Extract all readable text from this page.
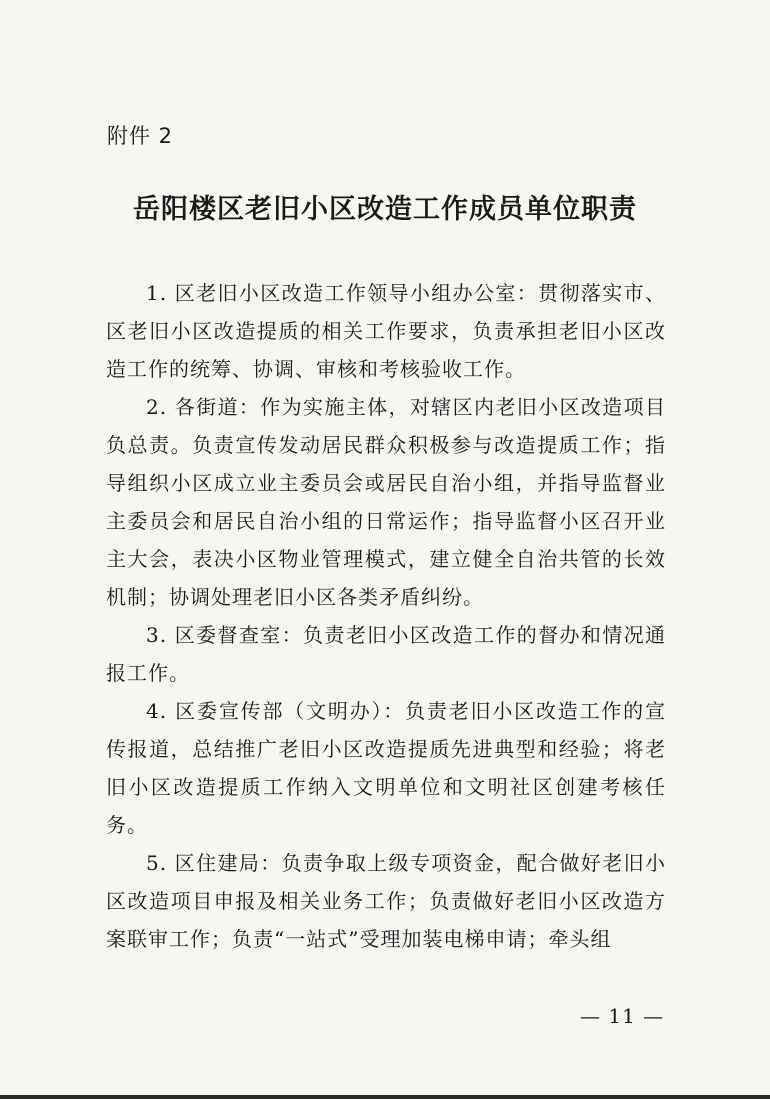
附件 2
岳阳楼区老旧小区改造工作成员单位职责

1. 区老旧小区改造工作领导小组办公室：贯彻落实市、区老旧小区改造提质的相关工作要求，负责承担老旧小区改造工作的统筹、协调、审核和考核验收工作。

2. 各街道：作为实施主体，对辖区内老旧小区改造项目负总责。负责宣传发动居民群众积极参与改造提质工作；指导组织小区成立业主委员会或居民自治小组，并指导监督业主委员会和居民自治小组的日常运作；指导监督小区召开业主大会，表决小区物业管理模式，建立健全自治共管的长效机制；协调处理老旧小区各类矛盾纠纷。

3. 区委督查室：负责老旧小区改造工作的督办和情况通报工作。

4. 区委宣传部（文明办）：负责老旧小区改造工作的宣传报道，总结推广老旧小区改造提质先进典型和经验；将老旧小区改造提质工作纳入文明单位和文明社区创建考核任务。

5. 区住建局：负责争取上级专项资金，配合做好老旧小区改造项目申报及相关业务工作；负责做好老旧小区改造方案联审工作；负责“一站式”受理加装电梯申请；牵头组

— 11 —
